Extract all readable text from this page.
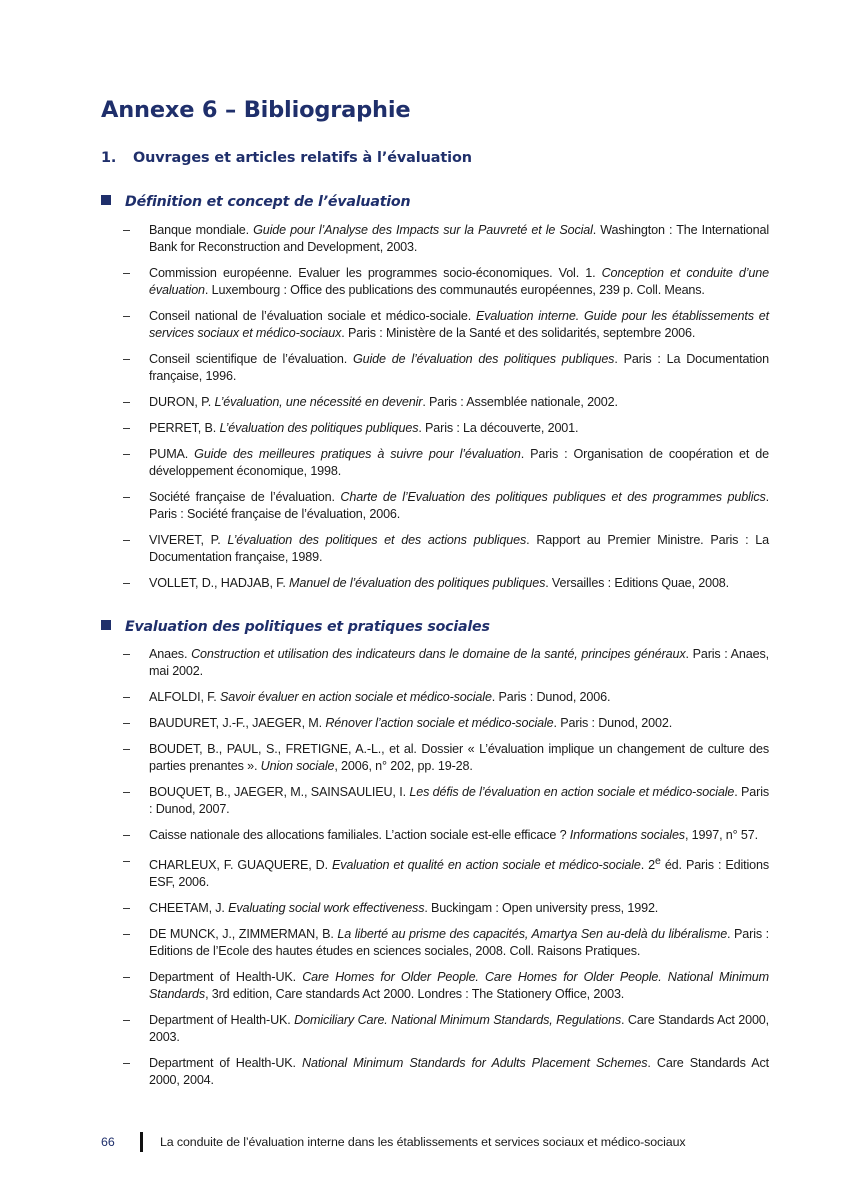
Annexe 6 – Bibliographie
1. Ouvrages et articles relatifs à l’évaluation
Définition et concept de l’évaluation
– Banque mondiale. Guide pour l’Analyse des Impacts sur la Pauvreté et le Social. Washington : The International Bank for Reconstruction and Development, 2003.
– Commission européenne. Evaluer les programmes socio-économiques. Vol. 1. Conception et conduite d’une évaluation. Luxembourg : Office des publications des communautés européennes, 239 p. Coll. Means.
– Conseil national de l’évaluation sociale et médico-sociale. Evaluation interne. Guide pour les établissements et services sociaux et médico-sociaux. Paris : Ministère de la Santé et des solidarités, septembre 2006.
– Conseil scientifique de l’évaluation. Guide de l’évaluation des politiques publiques. Paris : La Documentation française, 1996.
– DURON, P. L’évaluation, une nécessité en devenir. Paris : Assemblée nationale, 2002.
– PERRET, B. L’évaluation des politiques publiques. Paris : La découverte, 2001.
– PUMA. Guide des meilleures pratiques à suivre pour l’évaluation. Paris : Organisation de coopération et de développement économique, 1998.
– Société française de l’évaluation. Charte de l’Evaluation des politiques publiques et des programmes publics. Paris : Société française de l’évaluation, 2006.
– VIVERET, P. L’évaluation des politiques et des actions publiques. Rapport au Premier Ministre. Paris : La Documentation française, 1989.
– VOLLET, D., HADJAB, F. Manuel de l’évaluation des politiques publiques. Versailles : Editions Quae, 2008.
Evaluation des politiques et pratiques sociales
– Anaes. Construction et utilisation des indicateurs dans le domaine de la santé, principes généraux. Paris : Anaes, mai 2002.
– ALFOLDI, F. Savoir évaluer en action sociale et médico-sociale. Paris : Dunod, 2006.
– BAUDURET, J.-F., JAEGER, M. Rénover l’action sociale et médico-sociale. Paris : Dunod, 2002.
– BOUDET, B., PAUL, S., FRETIGNE, A.-L., et al. Dossier « L’évaluation implique un changement de culture des parties prenantes ». Union sociale, 2006, n° 202, pp. 19-28.
– BOUQUET, B., JAEGER, M., SAINSAULIEU, I. Les défis de l’évaluation en action sociale et médico-sociale. Paris : Dunod, 2007.
– Caisse nationale des allocations familiales. L’action sociale est-elle efficace ? Informations sociales, 1997, n° 57.
– CHARLEUX, F. GUAQUERE, D. Evaluation et qualité en action sociale et médico-sociale. 2e éd. Paris : Editions ESF, 2006.
– CHEETAM, J. Evaluating social work effectiveness. Buckingam : Open university press, 1992.
– DE MUNCK, J., ZIMMERMAN, B. La liberté au prisme des capacités, Amartya Sen au-delà du libéralisme. Paris : Editions de l’Ecole des hautes études en sciences sociales, 2008. Coll. Raisons Pratiques.
– Department of Health-UK. Care Homes for Older People. Care Homes for Older People. National Minimum Standards, 3rd edition, Care standards Act 2000. Londres : The Stationery Office, 2003.
– Department of Health-UK. Domiciliary Care. National Minimum Standards, Regulations. Care Standards Act 2000, 2003.
– Department of Health-UK. National Minimum Standards for Adults Placement Schemes. Care Standards Act 2000, 2004.
66	La conduite de l’évaluation interne dans les établissements et services sociaux et médico-sociaux
